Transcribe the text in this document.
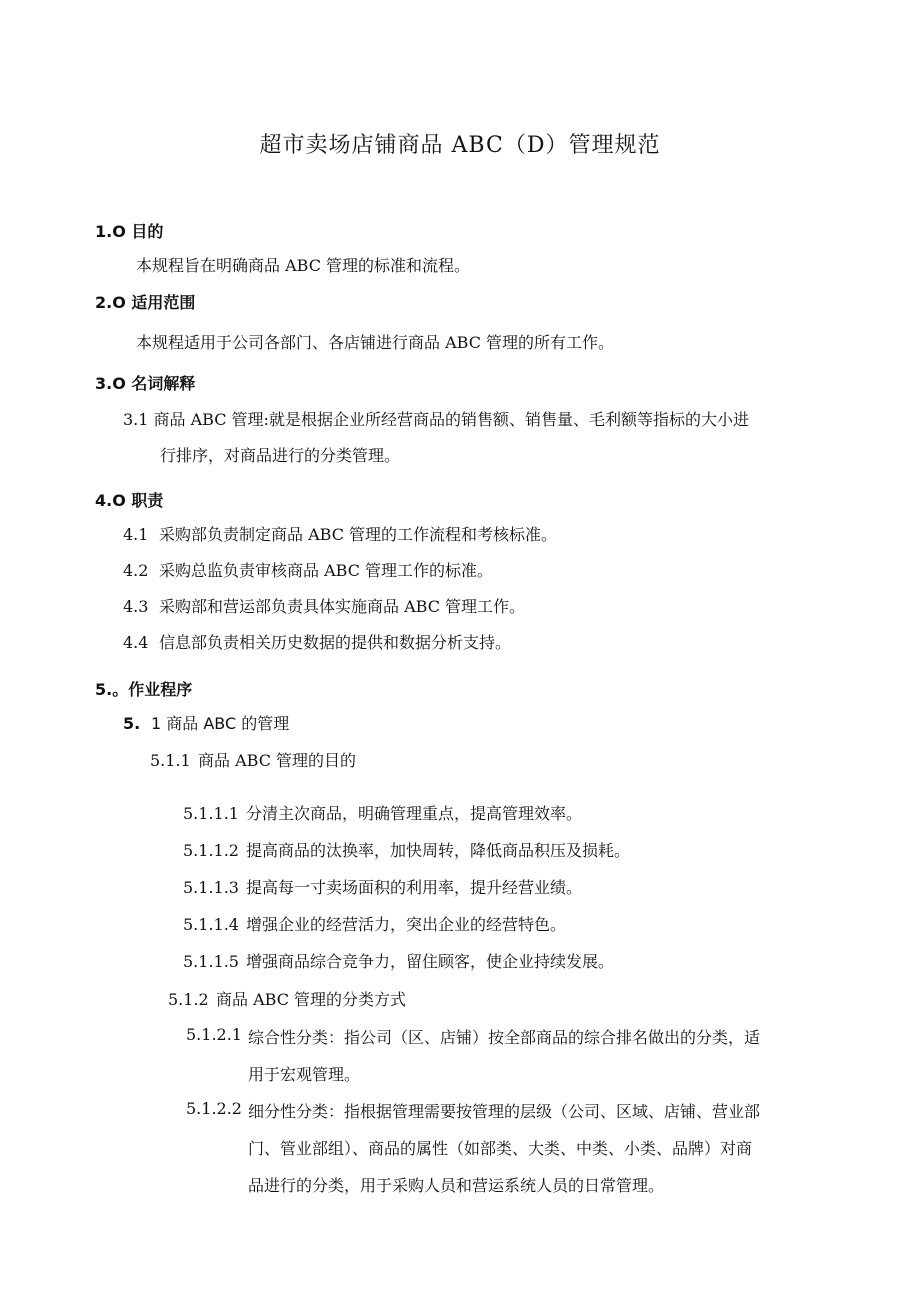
超市卖场店铺商品 ABC（D）管理规范
1.O 目的
本规程旨在明确商品 ABC 管理的标准和流程。
2.O 适用范围
本规程适用于公司各部门、各店铺进行商品 ABC 管理的所有工作。
3.O 名词解释
3.1 商品 ABC 管理:就是根据企业所经营商品的销售额、销售量、毛利额等指标的大小进
行排序，对商品进行的分类管理。
4.O 职责
4.1 采购部负责制定商品 ABC 管理的工作流程和考核标准。
4.2 采购总监负责审核商品 ABC 管理工作的标准。
4.3 采购部和营运部负责具体实施商品 ABC 管理工作。
4.4 信息部负责相关历史数据的提供和数据分析支持。
5.。作业程序
5. 1 商品 ABC 的管理
5.1.1 商品 ABC 管理的目的
5.1.1.1 分清主次商品，明确管理重点，提高管理效率。
5.1.1.2 提高商品的汰换率，加快周转，降低商品积压及损耗。
5.1.1.3 提高每一寸卖场面积的利用率，提升经营业绩。
5.1.1.4 增强企业的经营活力，突出企业的经营特色。
5.1.1.5 增强商品综合竞争力，留住顾客，使企业持续发展。
5.1.2 商品 ABC 管理的分类方式
5.1.2.1 综合性分类：指公司（区、店铺）按全部商品的综合排名做出的分类，适
用于宏观管理。
5.1.2.2 细分性分类：指根据管理需要按管理的层级（公司、区域、店铺、营业部
门、管业部组）、商品的属性（如部类、大类、中类、小类、品牌）对商
品进行的分类，用于采购人员和营运系统人员的日常管理。
